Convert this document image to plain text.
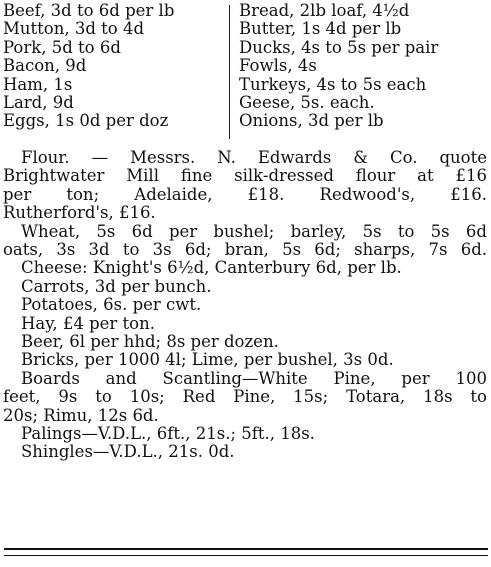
Beef, 3d to 6d per lb
Mutton, 3d to 4d
Pork, 5d to 6d
Bacon, 9d
Ham, 1s
Lard, 9d
Eggs, 1s 0d per doz
Bread, 2lb loaf, 4½d
Butter, 1s 4d per lb
Ducks, 4s to 5s per pair
Fowls, 4s
Turkeys, 4s to 5s each
Geese, 5s. each.
Onions, 3d per lb
Flour. — Messrs. N. Edwards & Co. quote
Brightwater Mill fine silk-dressed flour at £16
per ton; Adelaide, £18. Redwood's, £16.
Rutherford's, £16.
Wheat, 5s 6d per bushel; barley, 5s to 5s 6d
oats, 3s 3d to 3s 6d; bran, 5s 6d; sharps, 7s 6d.
Cheese: Knight's 6½d, Canterbury 6d, per lb.
Carrots, 3d per bunch.
Potatoes, 6s. per cwt.
Hay, £4 per ton.
Beer, 6l per hhd; 8s per dozen.
Bricks, per 1000 4l; Lime, per bushel, 3s 0d.
Boards and Scantling—White Pine, per 100
feet, 9s to 10s; Red Pine, 15s; Totara, 18s to
20s; Rimu, 12s 6d.
Palings—V.D.L., 6ft., 21s.; 5ft., 18s.
Shingles—V.D.L., 21s. 0d.
